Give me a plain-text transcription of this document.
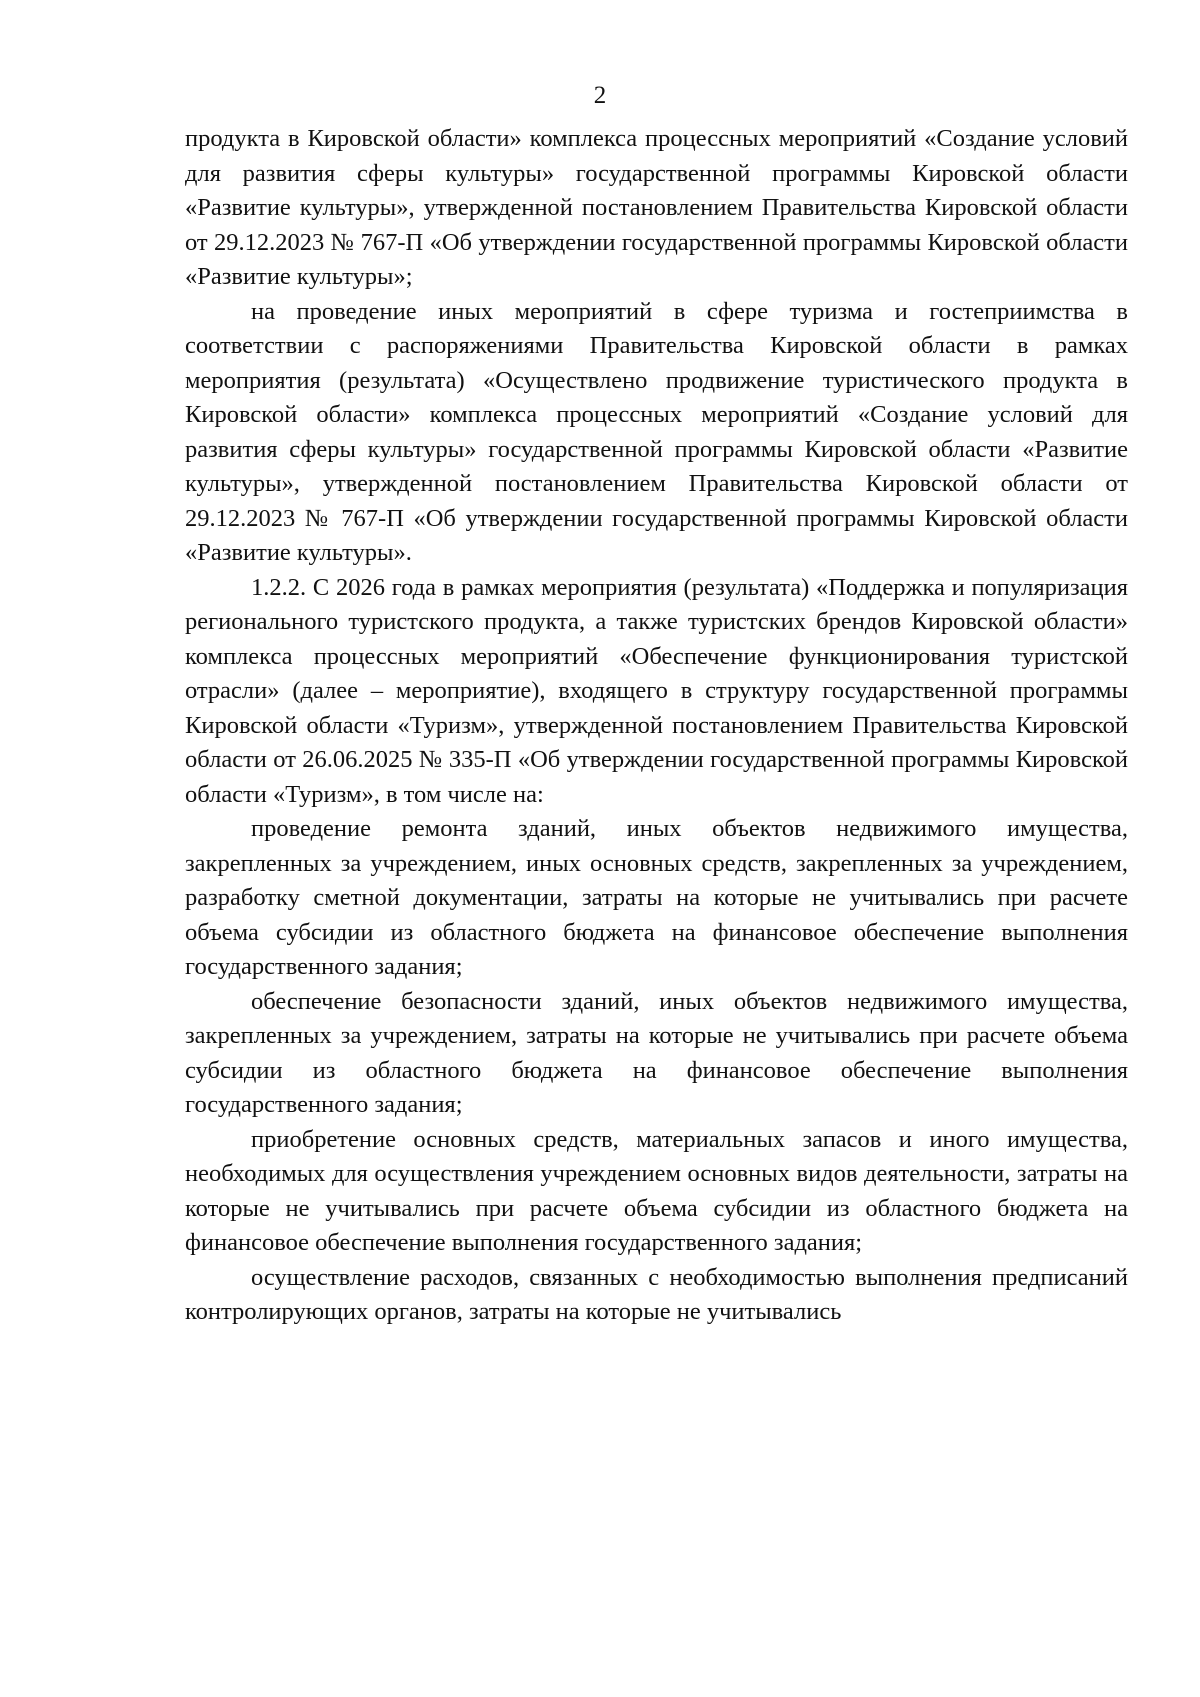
2

продукта в Кировской области» комплекса процессных мероприятий «Создание условий для развития сферы культуры» государственной программы Кировской области «Развитие культуры», утвержденной постановлением Правительства Кировской области от 29.12.2023 № 767-П «Об утверждении государственной программы Кировской области «Развитие культуры»;

на проведение иных мероприятий в сфере туризма и гостеприимства в соответствии с распоряжениями Правительства Кировской области в рамках мероприятия (результата) «Осуществлено продвижение туристического продукта в Кировской области» комплекса процессных мероприятий «Создание условий для развития сферы культуры» государственной программы Кировской области «Развитие культуры», утвержденной постановлением Правительства Кировской области от 29.12.2023 № 767-П «Об утверждении государственной программы Кировской области «Развитие культуры».

1.2.2. С 2026 года в рамках мероприятия (результата) «Поддержка и популяризация регионального туристского продукта, а также туристских брендов Кировской области» комплекса процессных мероприятий «Обеспечение функционирования туристской отрасли» (далее – мероприятие), входящего в структуру государственной программы Кировской области «Туризм», утвержденной постановлением Правительства Кировской области от 26.06.2025 № 335-П «Об утверждении государственной программы Кировской области «Туризм», в том числе на:

проведение ремонта зданий, иных объектов недвижимого имущества, закрепленных за учреждением, иных основных средств, закрепленных за учреждением, разработку сметной документации, затраты на которые не учитывались при расчете объема субсидии из областного бюджета на финансовое обеспечение выполнения государственного задания;

обеспечение безопасности зданий, иных объектов недвижимого имущества, закрепленных за учреждением, затраты на которые не учитывались при расчете объема субсидии из областного бюджета на финансовое обеспечение выполнения государственного задания;

приобретение основных средств, материальных запасов и иного имущества, необходимых для осуществления учреждением основных видов деятельности, затраты на которые не учитывались при расчете объема субсидии из областного бюджета на финансовое обеспечение выполнения государственного задания;

осуществление расходов, связанных с необходимостью выполнения предписаний контролирующих органов, затраты на которые не учитывались
